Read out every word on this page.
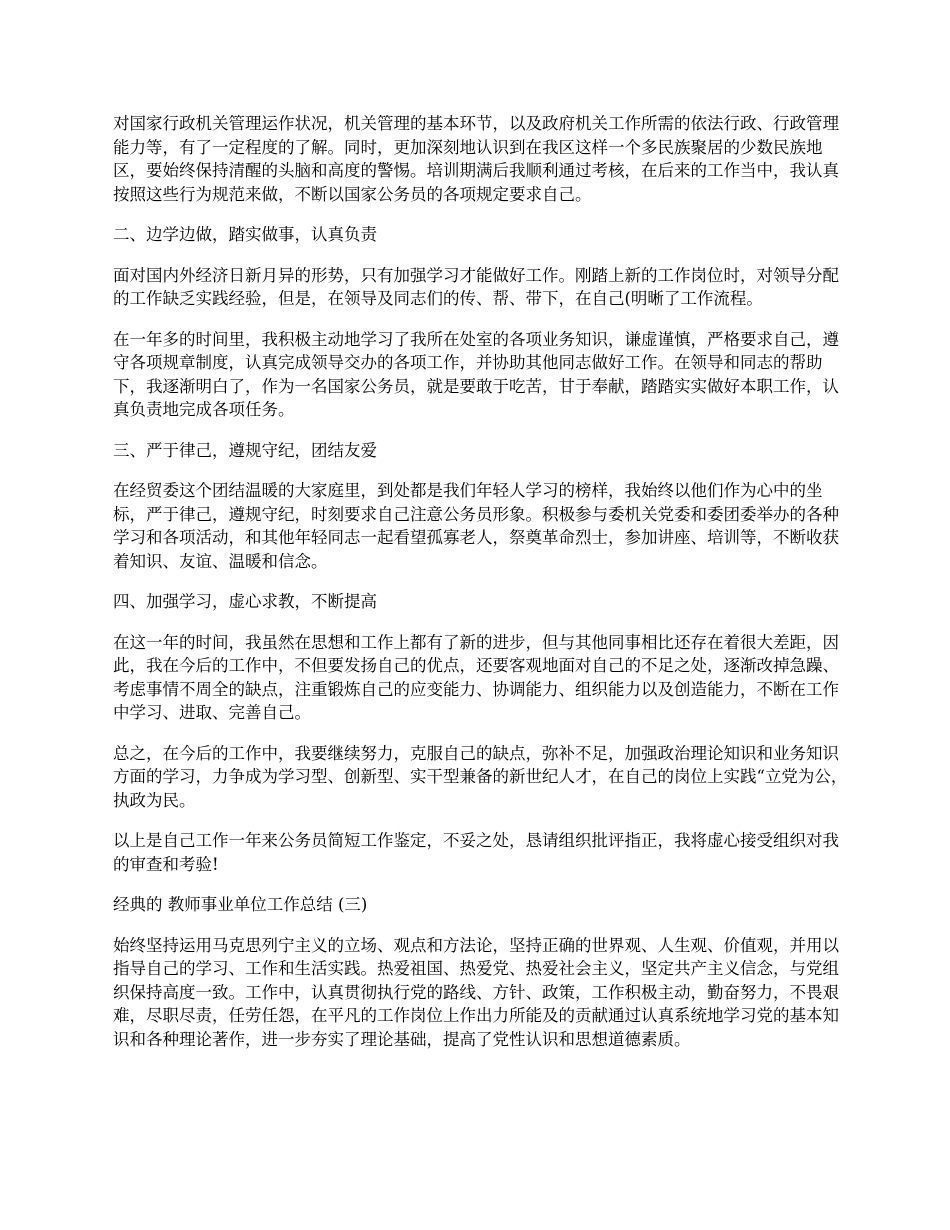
对国家行政机关管理运作状况，机关管理的基本环节，以及政府机关工作所需的依法行政、行政管理能力等，有了一定程度的了解。同时，更加深刻地认识到在我区这样一个多民族聚居的少数民族地区，要始终保持清醒的头脑和高度的警惕。培训期满后我顺利通过考核，在后来的工作当中，我认真按照这些行为规范来做，不断以国家公务员的各项规定要求自己。

二、边学边做，踏实做事，认真负责

面对国内外经济日新月异的形势，只有加强学习才能做好工作。刚踏上新的工作岗位时，对领导分配的工作缺乏实践经验，但是，在领导及同志们的传、帮、带下，在自己(明晰了工作流程。

在一年多的时间里，我积极主动地学习了我所在处室的各项业务知识，谦虚谨慎，严格要求自己，遵守各项规章制度，认真完成领导交办的各项工作，并协助其他同志做好工作。在领导和同志的帮助下，我逐渐明白了，作为一名国家公务员，就是要敢于吃苦，甘于奉献，踏踏实实做好本职工作，认真负责地完成各项任务。

三、严于律己，遵规守纪，团结友爱

在经贸委这个团结温暖的大家庭里，到处都是我们年轻人学习的榜样，我始终以他们作为心中的坐标，严于律己，遵规守纪，时刻要求自己注意公务员形象。积极参与委机关党委和委团委举办的各种学习和各项活动，和其他年轻同志一起看望孤寡老人，祭奠革命烈士，参加讲座、培训等，不断收获着知识、友谊、温暖和信念。

四、加强学习，虚心求教，不断提高

在这一年的时间，我虽然在思想和工作上都有了新的进步，但与其他同事相比还存在着很大差距，因此，我在今后的工作中，不但要发扬自己的优点，还要客观地面对自己的不足之处，逐渐改掉急躁、考虑事情不周全的缺点，注重锻炼自己的应变能力、协调能力、组织能力以及创造能力，不断在工作中学习、进取、完善自己。

总之，在今后的工作中，我要继续努力，克服自己的缺点，弥补不足，加强政治理论知识和业务知识方面的学习，力争成为学习型、创新型、实干型兼备的新世纪人才，在自己的岗位上实践“立党为公，执政为民。

以上是自己工作一年来公务员简短工作鉴定，不妥之处，恳请组织批评指正，我将虚心接受组织对我的审查和考验!

经典的 教师事业单位工作总结 (三)

始终坚持运用马克思列宁主义的立场、观点和方法论，坚持正确的世界观、人生观、价值观，并用以指导自己的学习、工作和生活实践。热爱祖国、热爱党、热爱社会主义，坚定共产主义信念，与党组织保持高度一致。工作中，认真贯彻执行党的路线、方针、政策，工作积极主动，勤奋努力，不畏艰难，尽职尽责，任劳任怨，在平凡的工作岗位上作出力所能及的贡献通过认真系统地学习党的基本知识和各种理论著作，进一步夯实了理论基础，提高了党性认识和思想道德素质。
